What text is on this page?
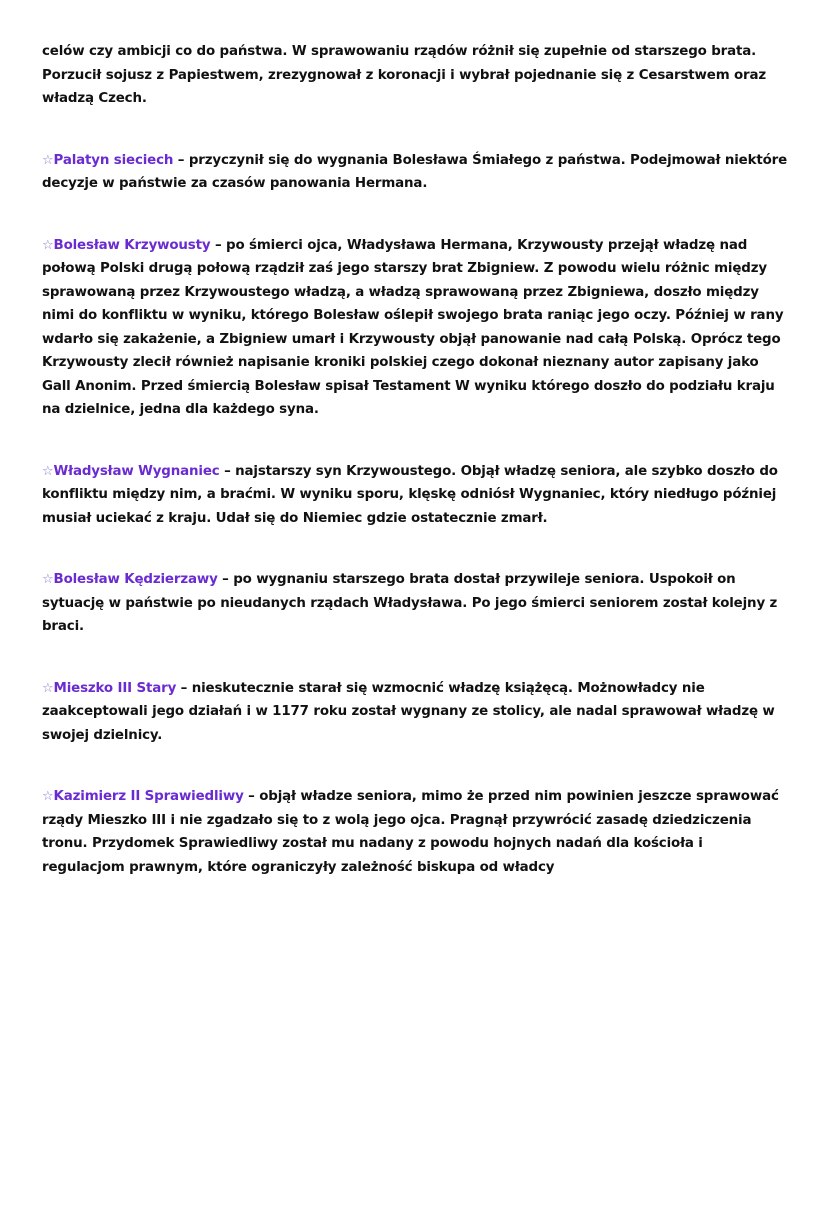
celów czy ambicji co do państwa. W sprawowaniu rządów różnił się zupełnie od starszego brata. Porzucił sojusz z Papiestwem, zrezygnował z koronacji i wybrał pojednanie się z Cesarstwem oraz władzą Czech.

☆Palatyn sieciech – przyczynił się do wygnania Bolesława Śmiałego z państwa. Podejmował niektóre decyzje w państwie za czasów panowania Hermana.

☆Bolesław Krzywousty – po śmierci ojca, Władysława Hermana, Krzywousty przejął władzę nad połową Polski drugą połową rządził zaś jego starszy brat Zbigniew. Z powodu wielu różnic między sprawowaną przez Krzywoustego władzą, a władzą sprawowaną przez Zbigniewa, doszło między nimi do konfliktu w wyniku, którego Bolesław oślepił swojego brata raniąc jego oczy. Później w rany wdarło się zakażenie, a Zbigniew umarł i Krzywousty objął panowanie nad całą Polską. Oprócz tego Krzywousty zlecił również napisanie kroniki polskiej czego dokonał nieznany autor zapisany jako Gall Anonim. Przed śmiercią Bolesław spisał Testament W wyniku którego doszło do podziału kraju na dzielnice, jedna dla każdego syna.

☆Władysław Wygnaniec – najstarszy syn Krzywoustego. Objął władzę seniora, ale szybko doszło do konfliktu między nim, a braćmi. W wyniku sporu, klęskę odniósł Wygnaniec, który niedługo później musiał uciekać z kraju. Udał się do Niemiec gdzie ostatecznie zmarł.

☆Bolesław Kędzierzawy – po wygnaniu starszego brata dostał przywileje seniora. Uspokoił on sytuację w państwie po nieudanych rządach Władysława. Po jego śmierci seniorem został kolejny z braci.

☆Mieszko III Stary – nieskutecznie starał się wzmocnić władzę książęcą. Możnowładcy nie zaakceptowali jego działań i w 1177 roku został wygnany ze stolicy, ale nadal sprawował władzę w swojej dzielnicy.

☆Kazimierz II Sprawiedliwy – objął władze seniora, mimo że przed nim powinien jeszcze sprawować rządy Mieszko III i nie zgadzało się to z wolą jego ojca. Pragnął przywrócić zasadę dziedziczenia tronu. Przydomek Sprawiedliwy został mu nadany z powodu hojnych nadań dla kościoła i regulacjom prawnym, które ograniczyły zależność biskupa od władcy
